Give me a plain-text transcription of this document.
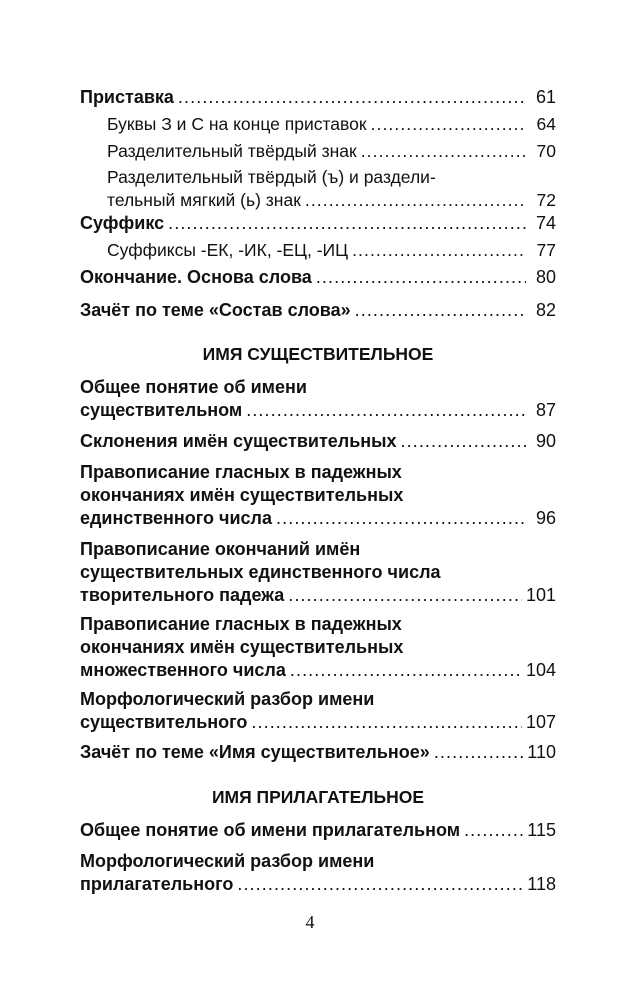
Приставка .....	61
Буквы З и С на конце приставок .....	64
Разделительный твёрдый знак .....	70
Разделительный твёрдый (ъ) и раздели-
тельный мягкий (ь) знак .....	72
Суффикс .....	74
Суффиксы -ЕК, -ИК, -ЕЦ, -ИЦ .....	77
Окончание. Основа слова .....	80
Зачёт по теме «Состав слова» .....	82
ИМЯ СУЩЕСТВИТЕЛЬНОЕ
Общее понятие об имени
существительном .....	87
Склонения имён существительных .....	90
Правописание гласных в падежных
окончаниях имён существительных
единственного числа .....	96
Правописание окончаний имён
существительных единственного числа
творительного падежа .....	101
Правописание гласных в падежных
окончаниях имён существительных
множественного числа .....	104
Морфологический разбор имени
существительного .....	107
Зачёт по теме «Имя существительное» .....	110
ИМЯ ПРИЛАГАТЕЛЬНОЕ
Общее понятие об имени прилагательном .....	115
Морфологический разбор имени
прилагательного .....	118
4
